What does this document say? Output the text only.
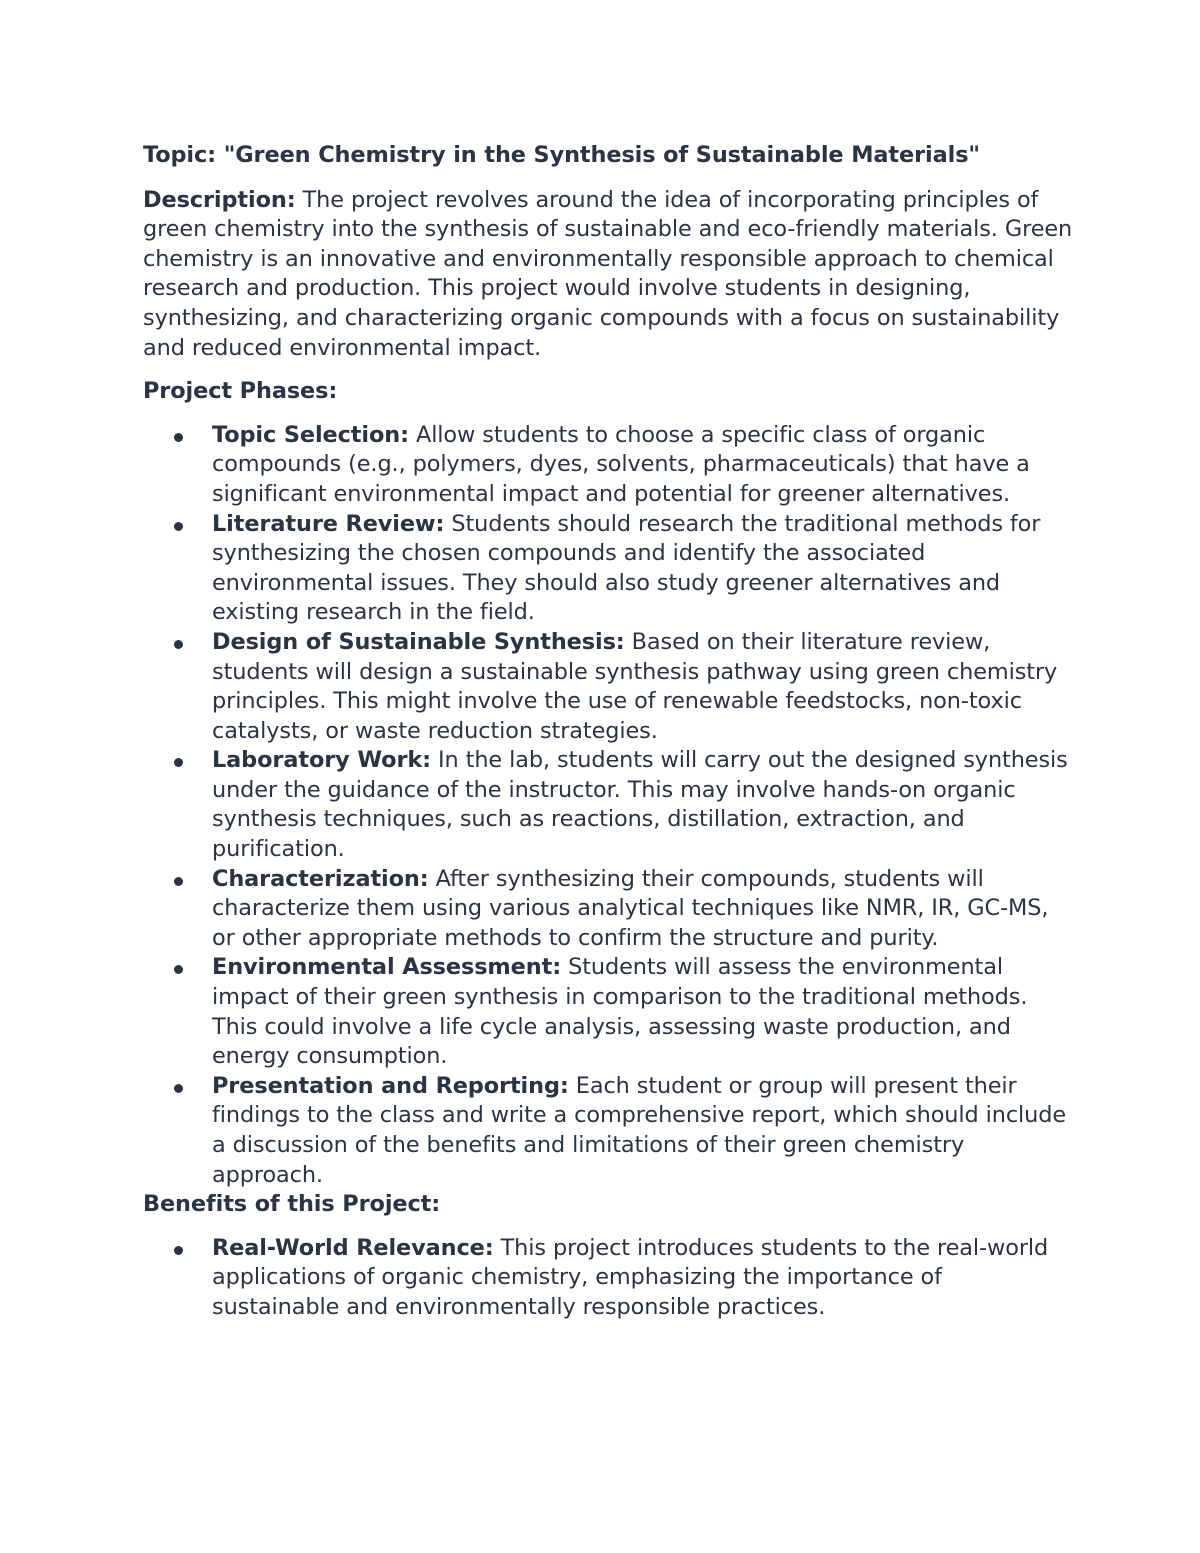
Topic: "Green Chemistry in the Synthesis of Sustainable Materials"

Description: The project revolves around the idea of incorporating principles of green chemistry into the synthesis of sustainable and eco-friendly materials. Green chemistry is an innovative and environmentally responsible approach to chemical research and production. This project would involve students in designing, synthesizing, and characterizing organic compounds with a focus on sustainability and reduced environmental impact.

Project Phases:

Topic Selection: Allow students to choose a specific class of organic compounds (e.g., polymers, dyes, solvents, pharmaceuticals) that have a significant environmental impact and potential for greener alternatives.
Literature Review: Students should research the traditional methods for synthesizing the chosen compounds and identify the associated environmental issues. They should also study greener alternatives and existing research in the field.
Design of Sustainable Synthesis: Based on their literature review, students will design a sustainable synthesis pathway using green chemistry principles. This might involve the use of renewable feedstocks, non-toxic catalysts, or waste reduction strategies.
Laboratory Work: In the lab, students will carry out the designed synthesis under the guidance of the instructor. This may involve hands-on organic synthesis techniques, such as reactions, distillation, extraction, and purification.
Characterization: After synthesizing their compounds, students will characterize them using various analytical techniques like NMR, IR, GC-MS, or other appropriate methods to confirm the structure and purity.
Environmental Assessment: Students will assess the environmental impact of their green synthesis in comparison to the traditional methods. This could involve a life cycle analysis, assessing waste production, and energy consumption.
Presentation and Reporting: Each student or group will present their findings to the class and write a comprehensive report, which should include a discussion of the benefits and limitations of their green chemistry approach.

Benefits of this Project:

Real-World Relevance: This project introduces students to the real-world applications of organic chemistry, emphasizing the importance of sustainable and environmentally responsible practices.
